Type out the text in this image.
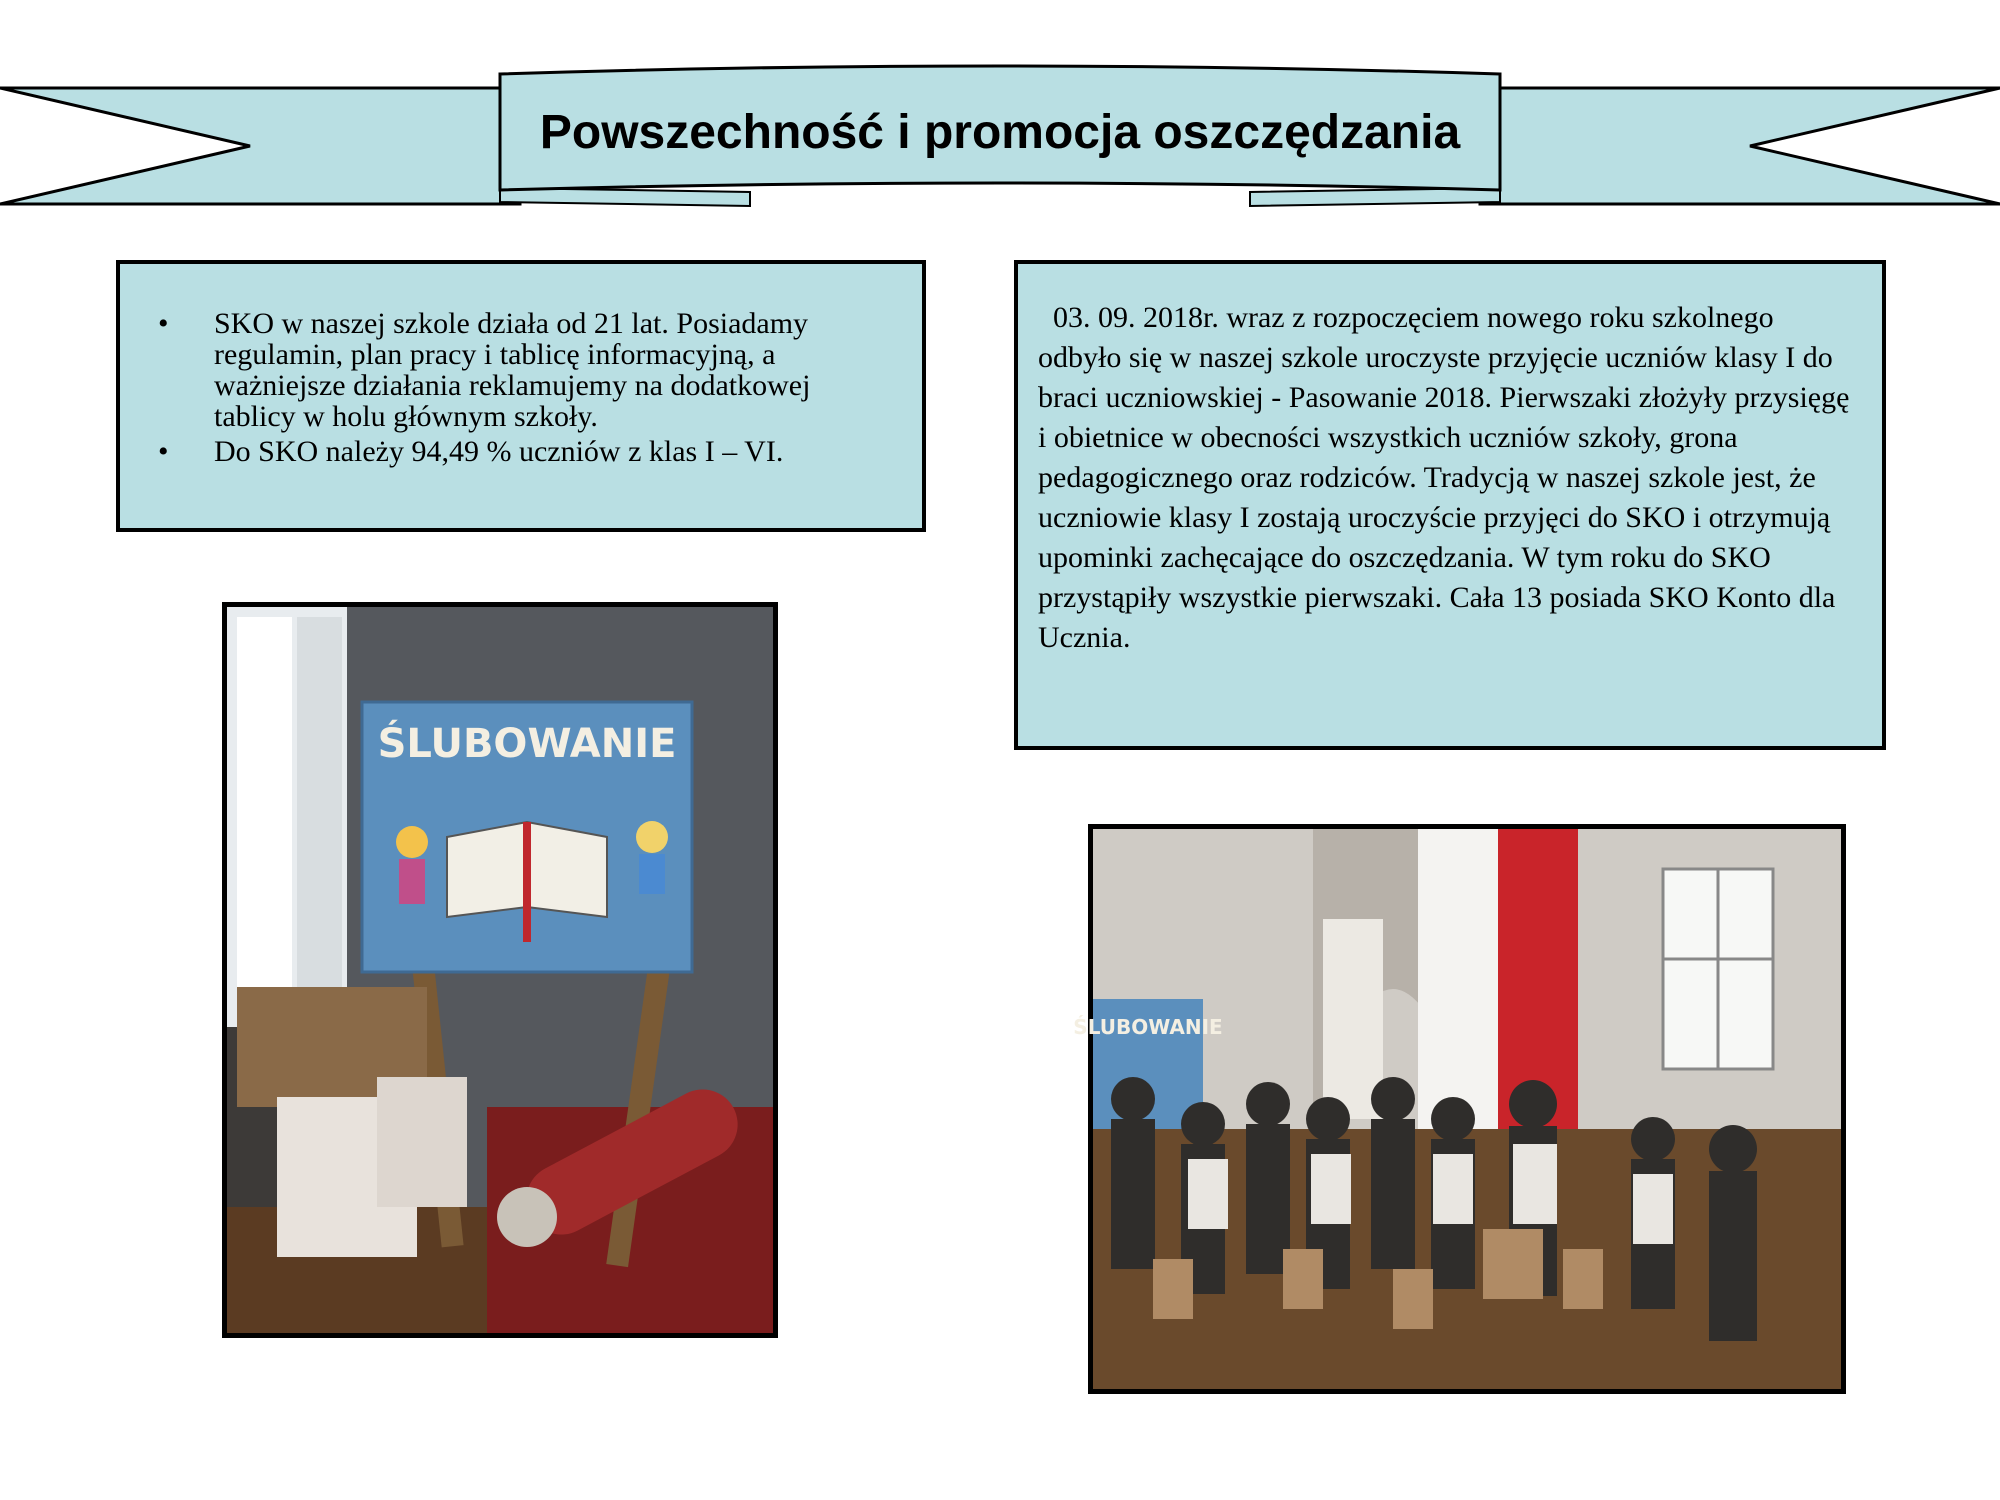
Powszechność i promocja oszczędzania
• SKO w naszej szkole działa od 21 lat. Posiadamy regulamin, plan pracy i tablicę informacyjną, a ważniejsze działania reklamujemy na dodatkowej tablicy w holu głównym szkoły.
• Do SKO należy 94,49 % uczniów z klas I – VI.

03. 09. 2018r. wraz z rozpoczęciem nowego roku szkolnego odbyło się w naszej szkole uroczyste przyjęcie uczniów klasy I do braci uczniowskiej - Pasowanie 2018. Pierwszaki złożyły przysięgę i obietnice w obecności wszystkich uczniów szkoły, grona pedagogicznego oraz rodziców. Tradycją w naszej szkole jest, że uczniowie klasy I zostają uroczyście przyjęci do SKO i otrzymują upominki zachęcające do oszczędzania. W tym roku do SKO przystąpiły wszystkie pierwszaki. Cała 13 posiada SKO Konto dla Ucznia.

ŚLUBOWANIE
ŚLUBOWANIE
